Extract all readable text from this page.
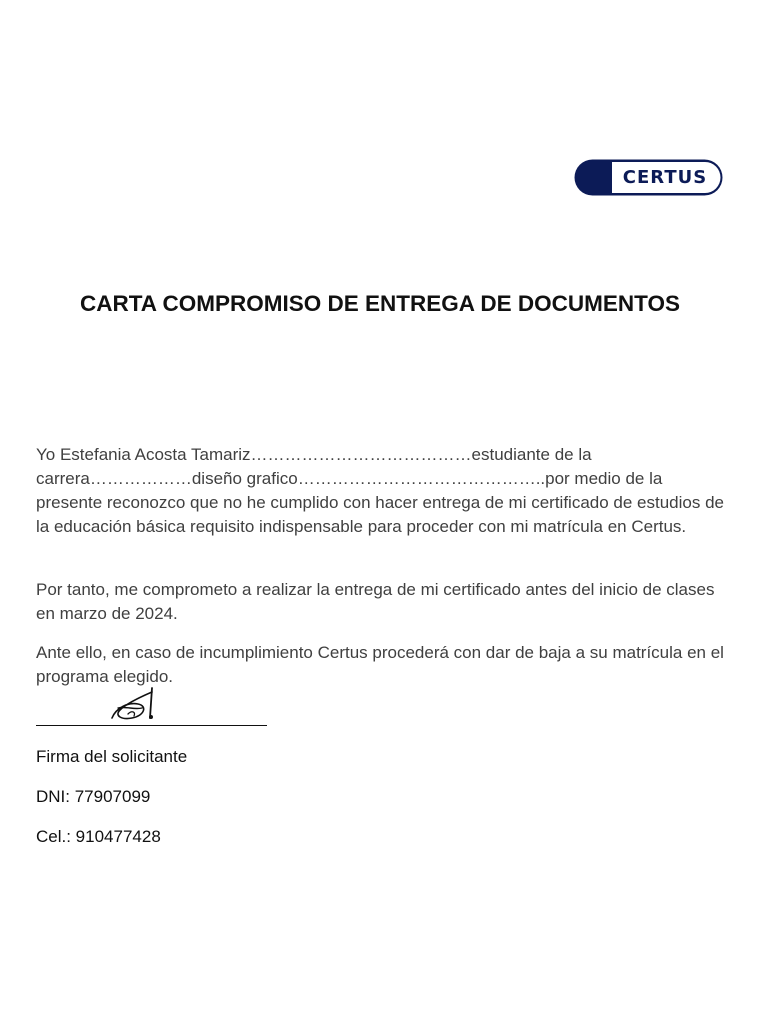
CERTUS
CARTA COMPROMISO DE ENTREGA DE DOCUMENTOS

Yo Estefania Acosta Tamariz…………………………………estudiante de la carrera………………diseño grafico……………………………………..por medio de la presente reconozco que no he cumplido con hacer entrega de mi certificado de estudios de la educación básica requisito indispensable para proceder con mi matrícula en Certus.

Por tanto, me comprometo a realizar la entrega de mi certificado antes del inicio de clases en marzo de 2024.

Ante ello, en caso de incumplimiento Certus procederá con dar de baja a su matrícula en el programa elegido.

Firma del solicitante

DNI: 77907099

Cel.: 910477428
